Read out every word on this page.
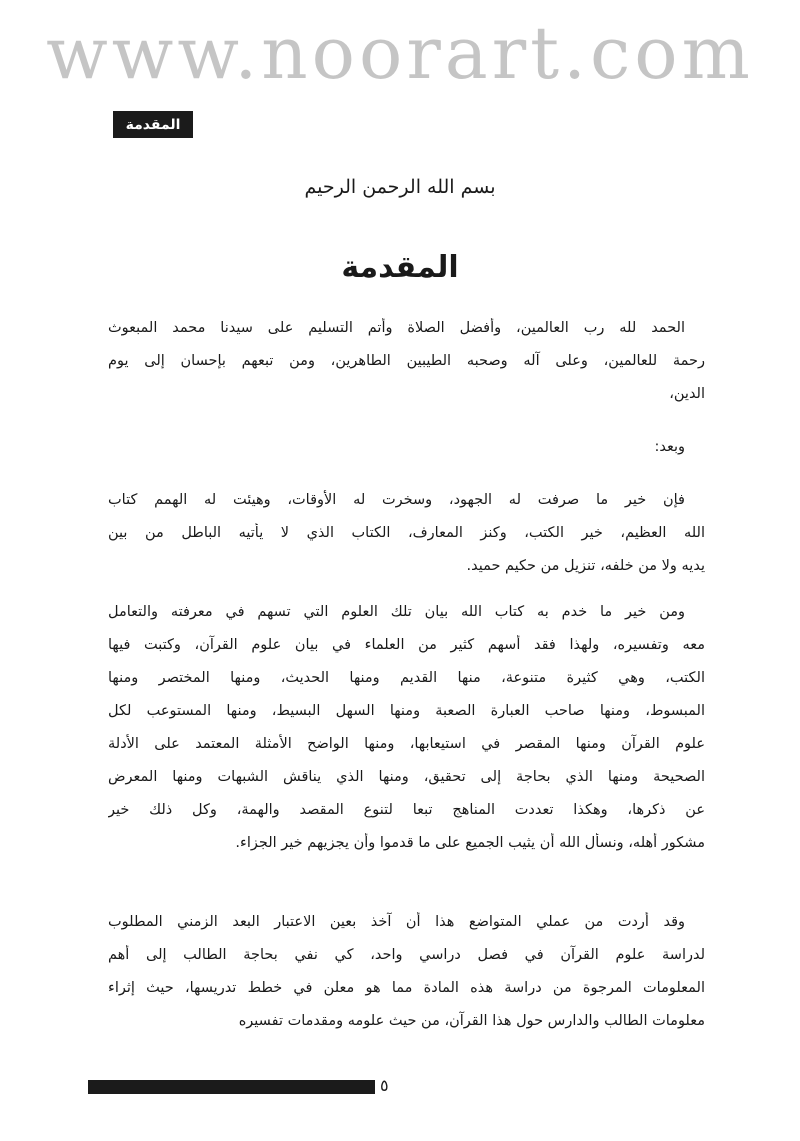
www.noorart.com
المقدمة
بسم الله الرحمن الرحيم
المقدمة
الحمد لله رب العالمين، وأفضل الصلاة وأتم التسليم على سيدنا محمد المبعوث
رحمة للعالمين، وعلى آله وصحبه الطيبين الطاهرين، ومن تبعهم بإحسان إلى يوم
الدين،
وبعد:
فإن خير ما صرفت له الجهود، وسخرت له الأوقات، وهيئت له الهمم كتاب
الله العظيم، خير الكتب، وكنز المعارف، الكتاب الذي لا يأتيه الباطل من بين
يديه ولا من خلفه، تنزيل من حكيم حميد.
ومن خير ما خدم به كتاب الله بيان تلك العلوم التي تسهم في معرفته والتعامل
معه وتفسيره، ولهذا فقد أسهم كثير من العلماء في بيان علوم القرآن، وكتبت فيها
الكتب، وهي كثيرة متنوعة، منها القديم ومنها الحديث، ومنها المختصر ومنها
المبسوط، ومنها صاحب العبارة الصعبة ومنها السهل البسيط، ومنها المستوعب لكل
علوم القرآن ومنها المقصر في استيعابها، ومنها الواضح الأمثلة المعتمد على الأدلة
الصحيحة ومنها الذي بحاجة إلى تحقيق، ومنها الذي يناقش الشبهات ومنها المعرض
عن ذكرها، وهكذا تعددت المناهج تبعا لتنوع المقصد والهمة، وكل ذلك خير
مشكور أهله، ونسأل الله أن يثيب الجميع على ما قدموا وأن يجزيهم خير الجزاء.
وقد أردت من عملي المتواضع هذا أن آخذ بعين الاعتبار البعد الزمني المطلوب
لدراسة علوم القرآن في فصل دراسي واحد، كي نفي بحاجة الطالب إلى أهم
المعلومات المرجوة من دراسة هذه المادة مما هو معلن في خطط تدريسها، حيث إثراء
معلومات الطالب والدارس حول هذا القرآن، من حيث علومه ومقدمات تفسيره
٥
